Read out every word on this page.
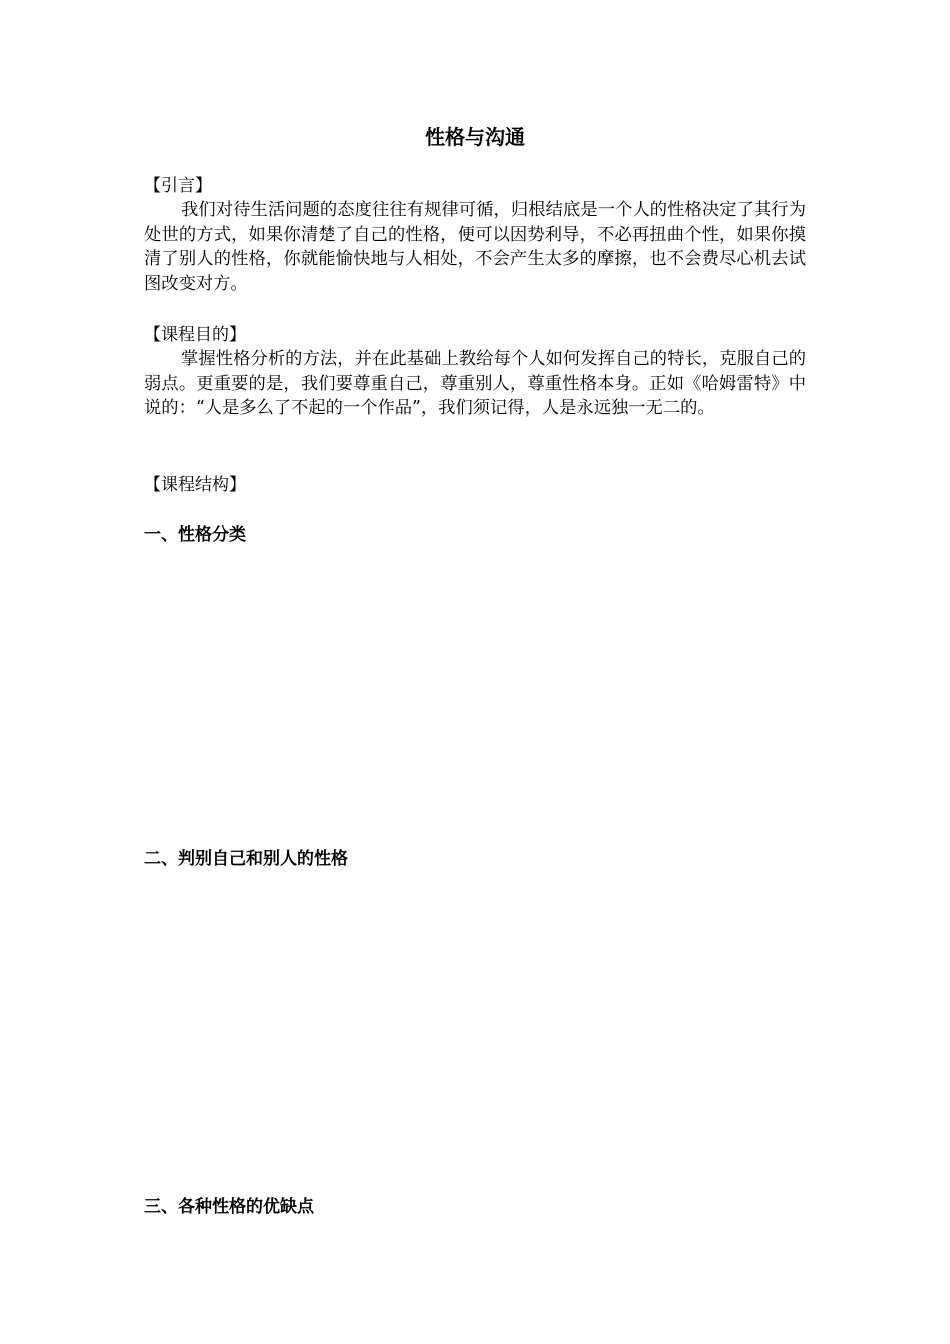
性格与沟通
【引言】

我们对待生活问题的态度往往有规律可循，归根结底是一个人的性格决定了其行为处世的方式，如果你清楚了自己的性格，便可以因势利导，不必再扭曲个性，如果你摸清了别人的性格，你就能愉快地与人相处，不会产生太多的摩擦，也不会费尽心机去试图改变对方。

【课程目的】

掌握性格分析的方法，并在此基础上教给每个人如何发挥自己的特长，克服自己的弱点。更重要的是，我们要尊重自己，尊重别人，尊重性格本身。正如《哈姆雷特》中说的：“人是多么了不起的一个作品”，我们须记得，人是永远独一无二的。

【课程结构】
一、性格分类
二、判别自己和别人的性格
三、各种性格的优缺点
